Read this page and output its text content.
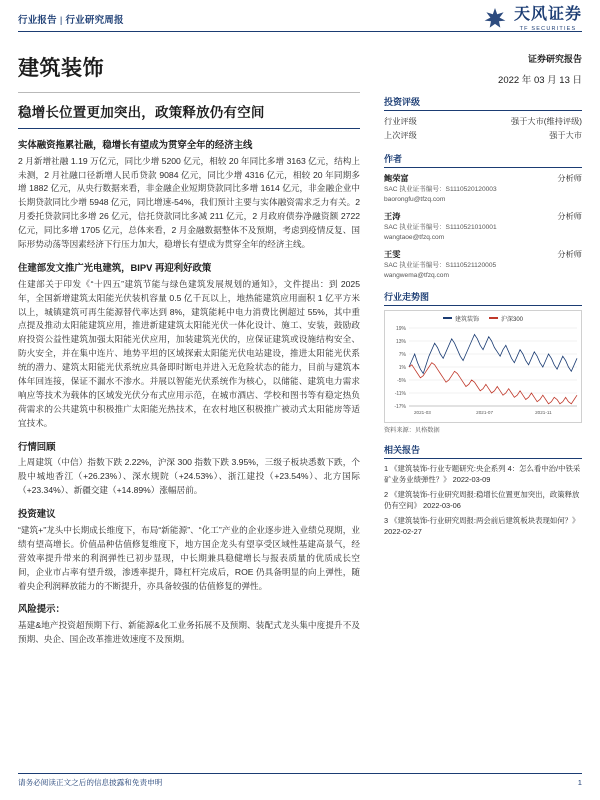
行业报告 | 行业研究周报	天风证券
TF SECURITIES
建筑装饰
稳增长位置更加突出，政策释放仍有空间
实体融资拖累社融，稳增长有望成为贯穿全年的经济主线

2 月新增社融 1.19 万亿元，同比少增 5200 亿元，相较 20 年同比多增 3163 亿元，结构上未测，2 月社融口径新增人民币贷款 9084 亿元，同比少增 4316 亿元，相较 20 年同期多增 1882 亿元，从央行数据来看，非金融企业短期贷款同比多增 1614 亿元，非金融企业中长期贷款同比少增 5948 亿元，同比增速-54%，我们预计主要与实体融资需求乏力有关。2 月委托贷款同比多增 26 亿元，信托贷款同比多减 211 亿元，2 月政府债券净融资额 2722 亿元，同比多增 1705 亿元，总体来看，2 月金融数据整体不及预期，考虑到疫情反复、国际形势动荡等因素经济下行压力加大，稳增长有望成为贯穿全年的经济主线。

住建部发文推广光电建筑，BIPV 再迎利好政策

住建部关于印发《“十四五”建筑节能与绿色建筑发展规划的通知》，文件提出：到 2025 年，全国新增建筑太阳能光伏装机容量 0.5 亿千瓦以上，地热能建筑应用面积 1 亿平方米以上，城镇建筑可再生能源替代率达到 8%，建筑能耗中电力消费比例超过 55%，其中重点提及推动太阳能建筑应用，推进新建建筑太阳能光伏一体化设计、施工、安装，鼓励政府投资公益性建筑加强太阳能光伏应用，加装建筑光伏的，应保证建筑或设施结构安全、防火安全，并在集中连片、地势平坦的区域探索太阳能光伏电站建设，推进太阳能光伏系统的潜力、建筑太阳能光伏系统应具备即时断电并进入无危险状态的能力，目前与建筑本体年回连接，保证不漏水不渗水。并展以智能光伏系统作为核心，以储能、建筑电力需求响应等技术为载体的区域发光伏分布式应用示范，在城市酒店、学校和图书等有稳定热负荷需求的公共建筑中积极推广太阳能光热技术，在农村地区积极推广被动式太阳能房等适宜技术。

行情回顾

上周建筑（中信）指数下跌 2.22%，沪深 300 指数下跌 3.95%，三级子板块悉数下跌，个股中城地香江（+26.23%）、深水规院（+24.53%）、浙江建投（+23.54%）、北方国际（+23.34%）、新疆交建（+14.89%）涨幅居前。

投资建议

“建筑+”龙头中长期成长维度下，布局“新能源”、“化工”产业的企业逐步进入业绩兑现期，业绩有望高增长。价值品种估值修复维度下，地方国企龙头有望享受区域性基建高景气，经营效率提升带来的利润弹性已初步显现，中长期兼具稳健增长与报表质量的优质成长空间，企业市占率有望升级，渗透率提升，降杠杆完成后，ROE 仍具备明显的向上弹性，随着央企利润释放能力的不断提升，亦具备较强的估值修复的弹性。

风险提示：

基建&地产投资超预期下行、新能源&化工业务拓展不及预期、装配式龙头集中度提升不及预期、央企、国企改革推进效速度不及预期。

证券研究报告
2022 年 03 月 13 日
投资评级
行业评级	强于大市(维持评级)
上次评级	强于大市
作者
鲍荣富	分析师
SAC 执业证书编号：S1110520120003
baorongfu@tfzq.com
王涛	分析师
SAC 执业证书编号：S1110521010001
wangtaoe@tfzq.com
王雯	分析师
SAC 执业证书编号：S1110521120005
wangwema@tfzq.com
行业走势图
建筑装饰	沪深300
19%
13%
7%
1%
-5%
-11%
-17%
2021-03	2021-07	2021-11
资料来源：贝格数据
相关报告
1 《建筑装饰-行业专题研究:央企系列 4：怎么看中治/中铁采矿业务业绩弹性？》 2022-03-09
2 《建筑装饰-行业研究周报:稳增长位置更加突出，政策释放仍有空间》 2022-03-06
3 《建筑装饰-行业研究周报:两会前后建筑板块表现如何？》 2022-02-27
请务必阅读正文之后的信息披露和免责申明	1
